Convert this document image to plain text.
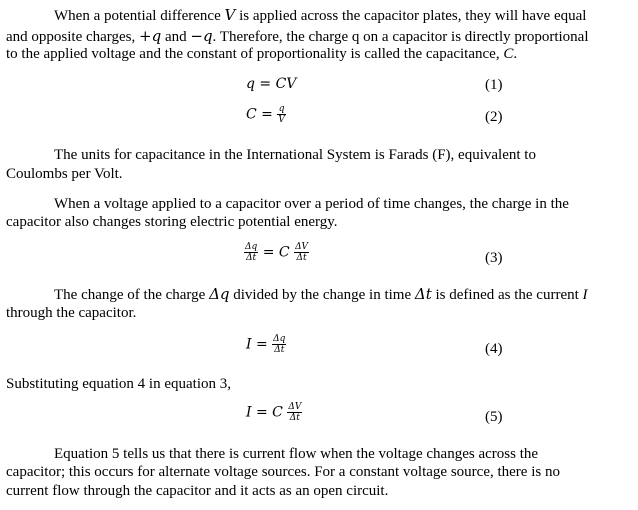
When a potential difference V is applied across the capacitor plates, they will have equal
and opposite charges, +q and −q. Therefore, the charge q on a capacitor is directly proportional
to the applied voltage and the constant of proportionality is called the capacitance, C.
q = CV	(1)
$C = \frac{q}{V}$	(2)
The units for capacitance in the International System is Farads (F), equivalent to
Coulombs per Volt.
When a voltage applied to a capacitor over a period of time changes, the charge in the
capacitor also changes storing electric potential energy.
$\frac{\Delta q}{\Delta t} = C \frac{\Delta V}{\Delta t}$	(3)
The change of the charge Δq divided by the change in time Δt is defined as the current I
through the capacitor.
$I = \frac{\Delta q}{\Delta t}$	(4)
Substituting equation 4 in equation 3,
I = C $\frac{\Delta V}{\Delta t}$	(5)
Equation 5 tells us that there is current flow when the voltage changes across the
capacitor; this occurs for alternate voltage sources. For a constant voltage source, there is no
current flow through the capacitor and it acts as an open circuit.
